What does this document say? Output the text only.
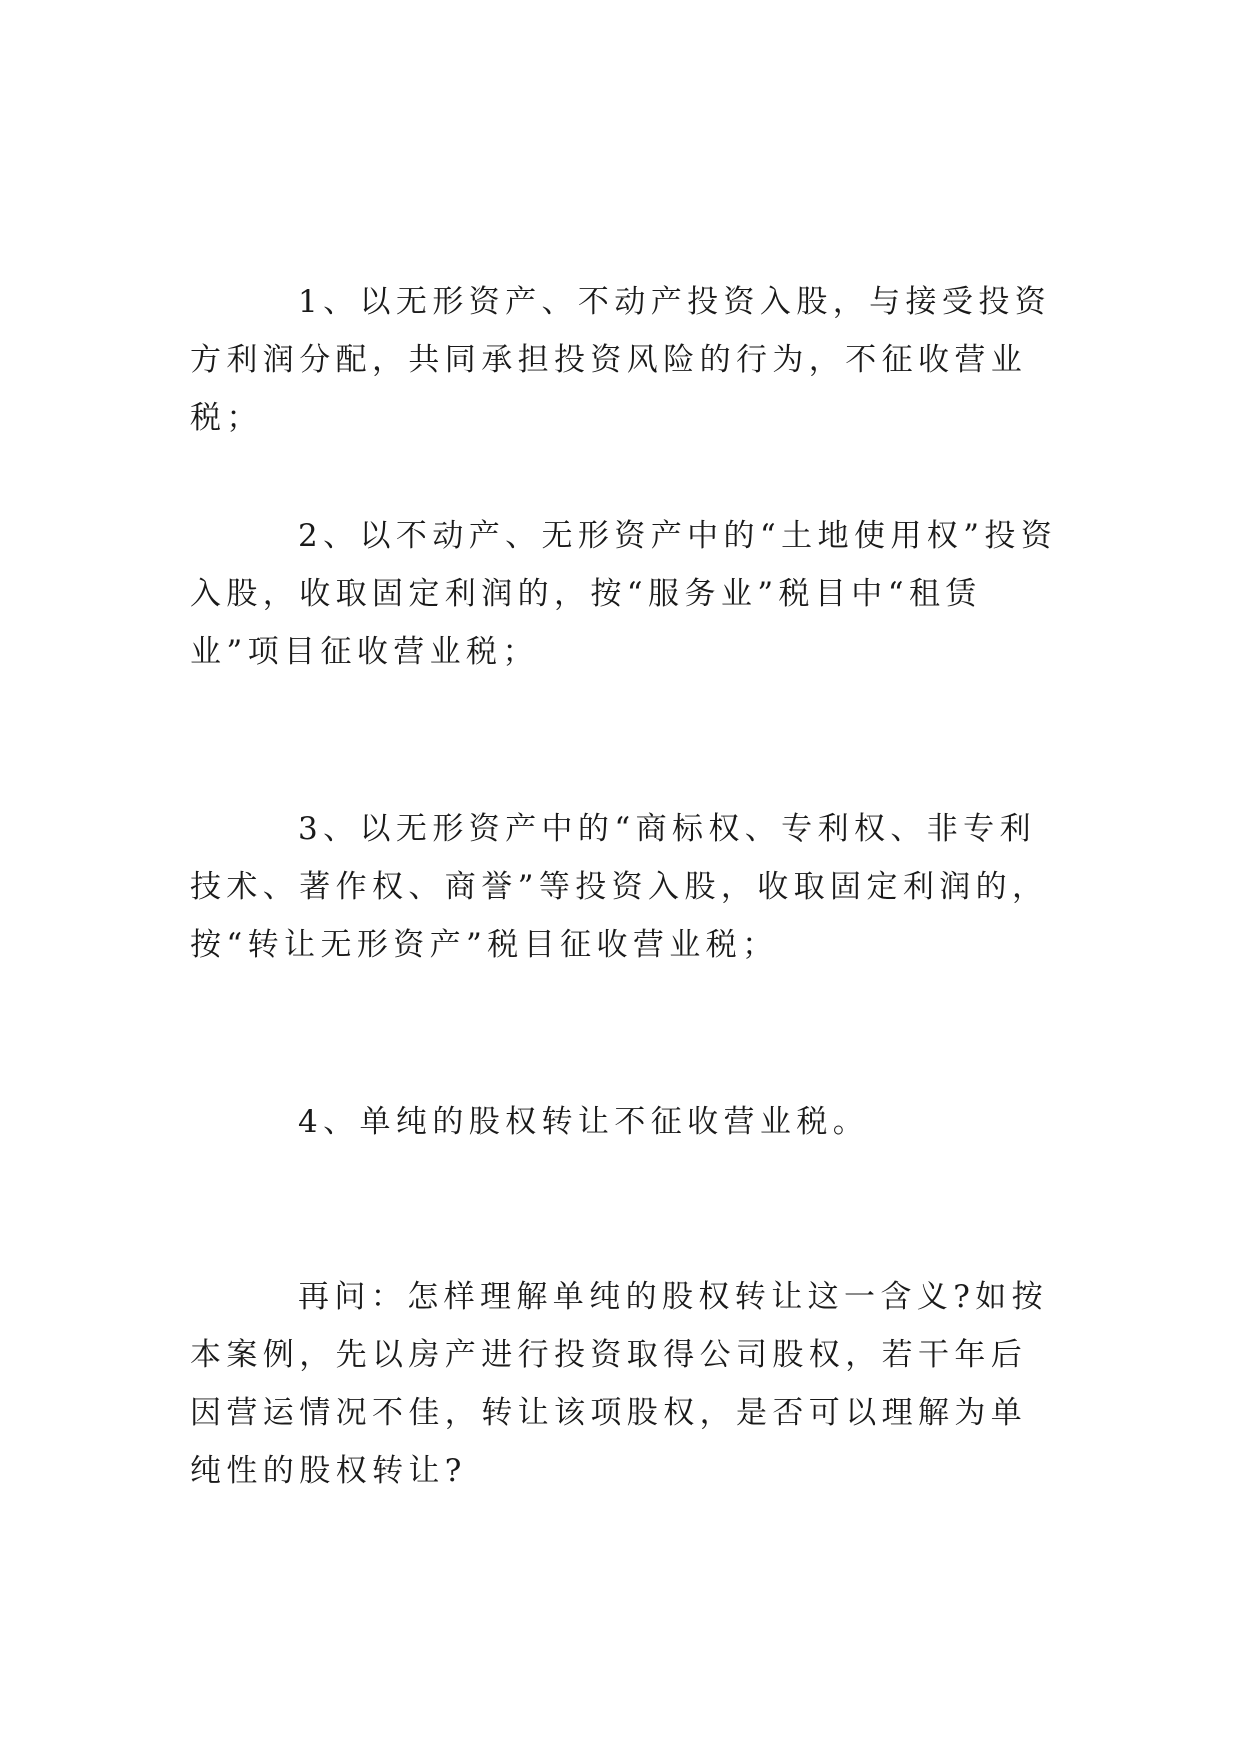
1、以无形资产、不动产投资入股，与接受投资方利润分配，共同承担投资风险的行为，不征收营业税；

2、以不动产、无形资产中的“土地使用权”投资入股，收取固定利润的，按“服务业”税目中“租赁业”项目征收营业税；

3、以无形资产中的“商标权、专利权、非专利技术、著作权、商誉”等投资入股，收取固定利润的，按“转让无形资产”税目征收营业税；

4、单纯的股权转让不征收营业税。

再问：怎样理解单纯的股权转让这一含义?如按本案例，先以房产进行投资取得公司股权，若干年后因营运情况不佳，转让该项股权，是否可以理解为单纯性的股权转让?
